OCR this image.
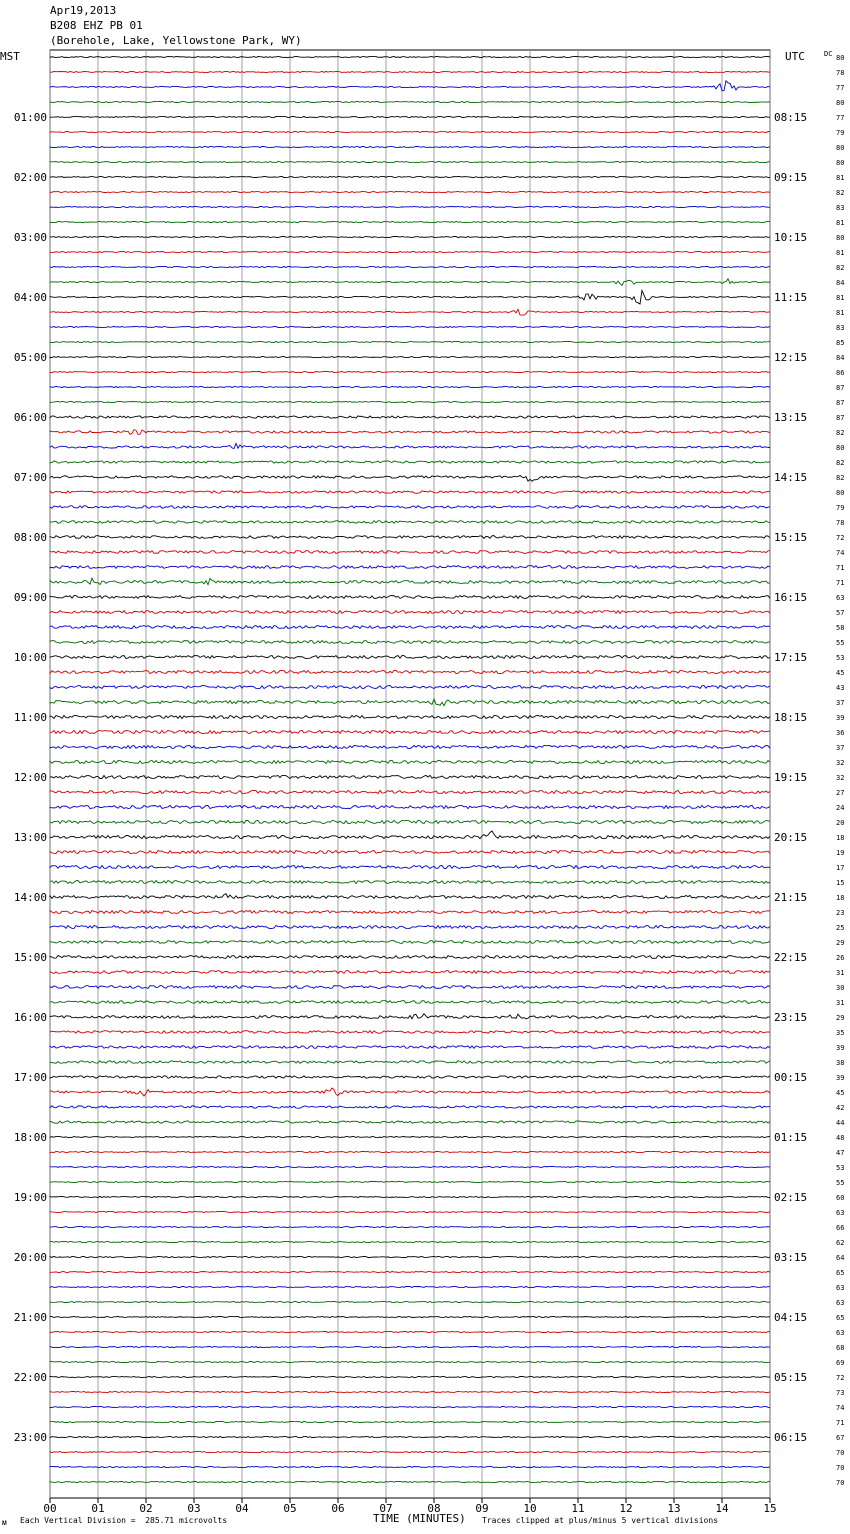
Apr19,2013
B208 EHZ PB 01
(Borehole, Lake, Yellowstone Park, WY)
00	01	02	03	04	05	06	07	08	09	10	11	12	13	14	15
80
78
77
80
77
01:00	08:15
79
80
80
81
02:00	09:15
82
83
81
80
03:00	10:15
81
82
84
81
04:00	11:15
81
83
85
84
05:00	12:15
86
87
87
87
06:00	13:15
82
80
82
82
07:00	14:15
80
79
78
72
08:00	15:15
74
71
71
63
09:00	16:15
57
58
55
53
10:00	17:15
45
43
37
39
11:00	18:15
36
37
32
32
12:00	19:15
27
24
20
18
13:00	20:15
19
17
15
18
14:00	21:15
23
25
29
26
15:00	22:15
31
30
31
29
16:00	23:15
35
39
38
39
17:00	00:15
45
42
44
48
18:00	01:15
47
53
55
60
19:00	02:15
63
66
62
64
20:00	03:15
65
63
63
65
21:00	04:15
63
68
69
72
22:00	05:15
73
74
71
67
23:00	06:15
70
70
70
MST	UTC	DC
TIME (MINUTES)
Each Vertical Division =  285.71 microvolts	Traces clipped at plus/minus 5 vertical divisions
ᴍ
